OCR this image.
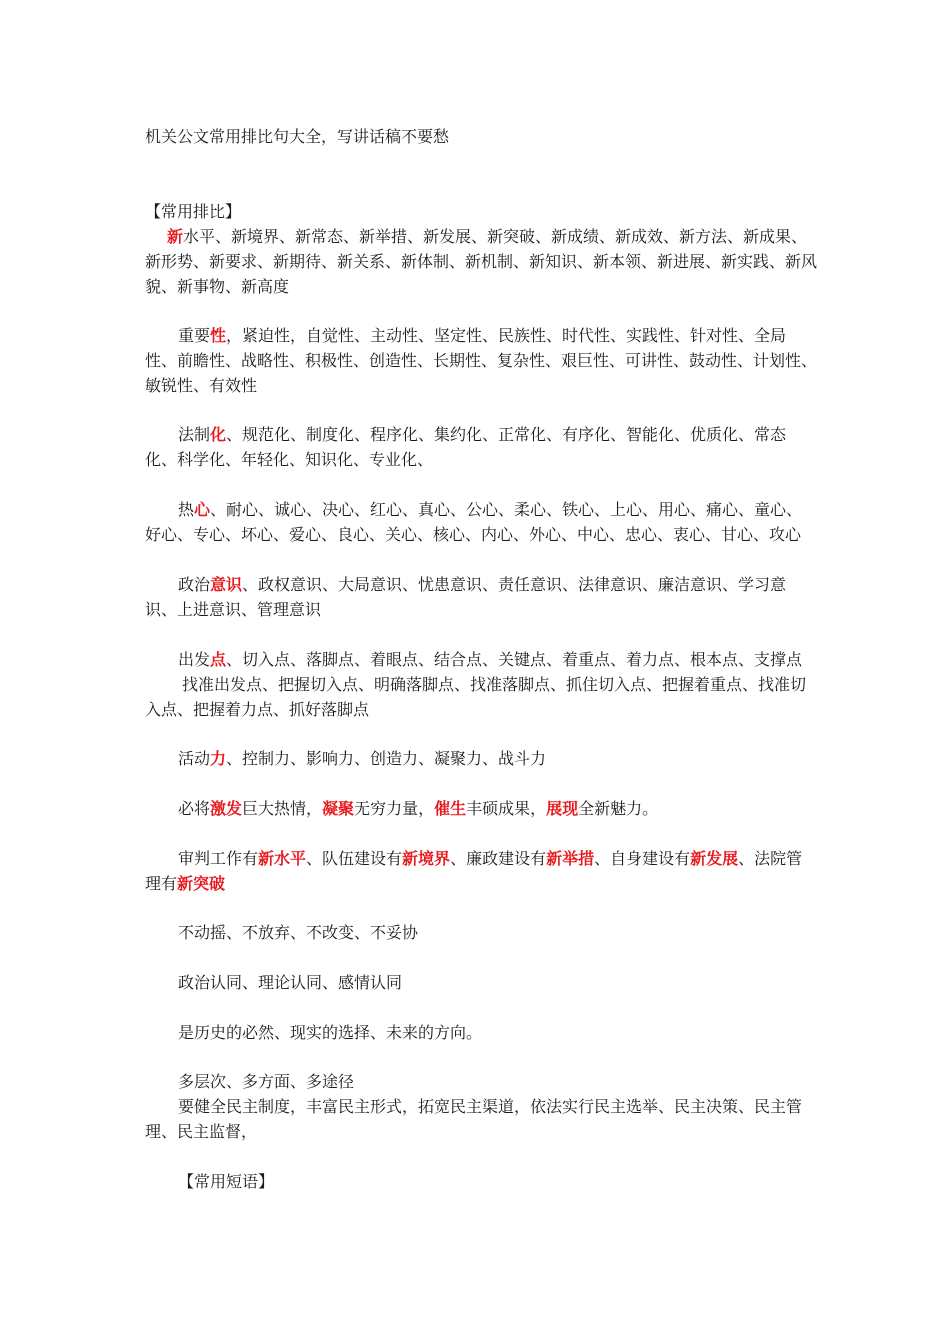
机关公文常用排比句大全，写讲话稿不要愁

【常用排比】

新水平、新境界、新常态、新举措、新发展、新突破、新成绩、新成效、新方法、新成果、新形势、新要求、新期待、新关系、新体制、新机制、新知识、新本领、新进展、新实践、新风貌、新事物、新高度

重要性，紧迫性，自觉性、主动性、坚定性、民族性、时代性、实践性、针对性、全局性、前瞻性、战略性、积极性、创造性、长期性、复杂性、艰巨性、可讲性、鼓动性、计划性、敏锐性、有效性

法制化、规范化、制度化、程序化、集约化、正常化、有序化、智能化、优质化、常态化、科学化、年轻化、知识化、专业化、

热心、耐心、诚心、决心、红心、真心、公心、柔心、铁心、上心、用心、痛心、童心、好心、专心、坏心、爱心、良心、关心、核心、内心、外心、中心、忠心、衷心、甘心、攻心

政治意识、政权意识、大局意识、忧患意识、责任意识、法律意识、廉洁意识、学习意识、上进意识、管理意识

出发点、切入点、落脚点、着眼点、结合点、关键点、着重点、着力点、根本点、支撑点

找准出发点、把握切入点、明确落脚点、找准落脚点、抓住切入点、把握着重点、找准切入点、把握着力点、抓好落脚点

活动力、控制力、影响力、创造力、凝聚力、战斗力

必将激发巨大热情，凝聚无穷力量，催生丰硕成果，展现全新魅力。

审判工作有新水平、队伍建设有新境界、廉政建设有新举措、自身建设有新发展、法院管理有新突破

不动摇、不放弃、不改变、不妥协

政治认同、理论认同、感情认同

是历史的必然、现实的选择、未来的方向。

多层次、多方面、多途径

要健全民主制度，丰富民主形式，拓宽民主渠道，依法实行民主选举、民主决策、民主管理、民主监督，

【常用短语】
